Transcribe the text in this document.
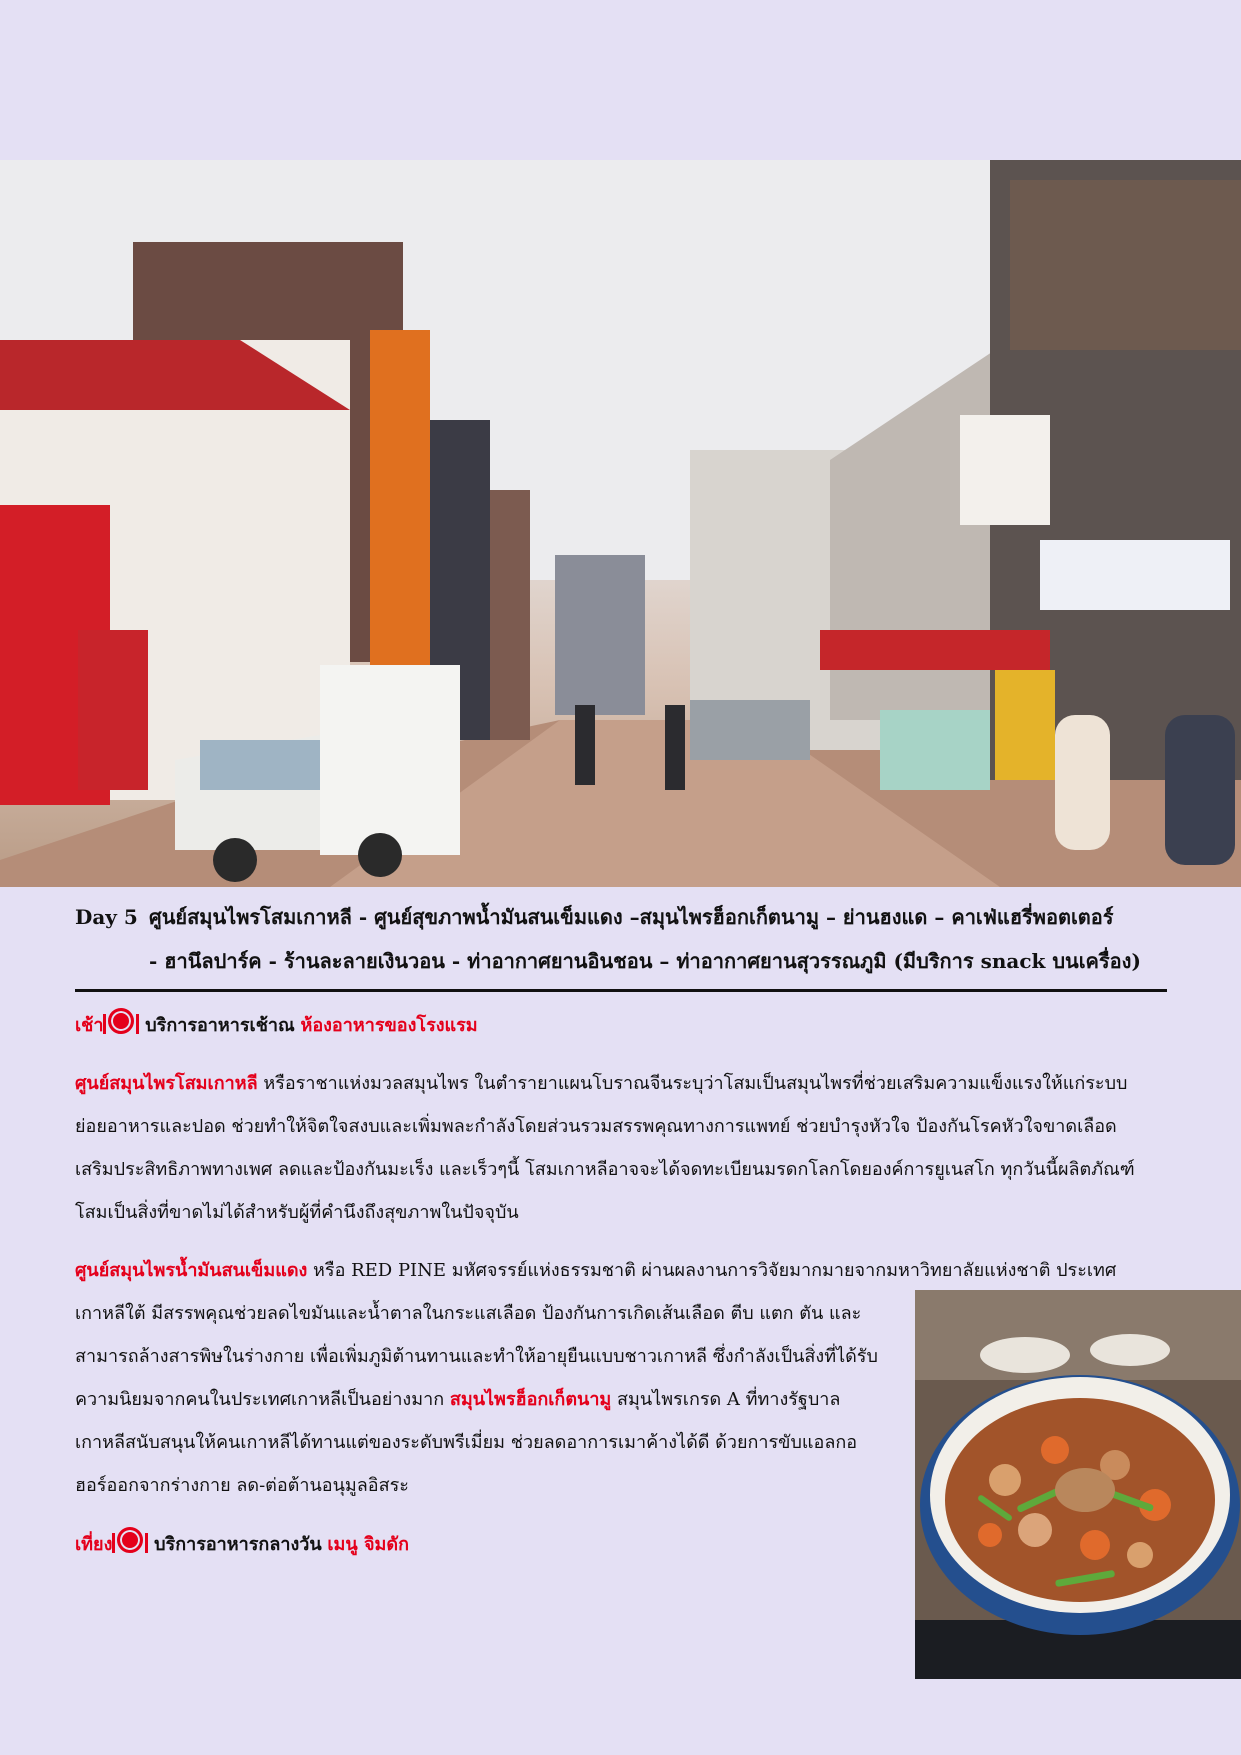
Day 5 ศูนย์สมุนไพรโสมเกาหลี - ศูนย์สุขภาพน้ำมันสนเข็มแดง –สมุนไพรฮ็อกเก็ตนามู – ย่านฮงแด – คาเฟ่แฮรี่พอตเตอร์
- ฮานึลปาร์ค - ร้านละลายเงินวอน - ท่าอากาศยานอินชอน – ท่าอากาศยานสุวรรณภูมิ (มีบริการ snack บนเครื่อง)
เช้า บริการอาหารเช้าณ ห้องอาหารของโรงแรม
ศูนย์สมุนไพรโสมเกาหลี หรือราชาแห่งมวลสมุนไพร ในตำรายาแผนโบราณจีนระบุว่าโสมเป็นสมุนไพรที่ช่วยเสริมความแข็งแรงให้แก่ระบบ
ย่อยอาหารและปอด ช่วยทำให้จิตใจสงบและเพิ่มพละกำลังโดยส่วนรวมสรรพคุณทางการแพทย์ ช่วยบำรุงหัวใจ ป้องกันโรคหัวใจขาดเลือด
เสริมประสิทธิภาพทางเพศ ลดและป้องกันมะเร็ง และเร็วๆนี้ โสมเกาหลีอาจจะได้จดทะเบียนมรดกโลกโดยองค์การยูเนสโก ทุกวันนี้ผลิตภัณฑ์
โสมเป็นสิ่งที่ขาดไม่ได้สำหรับผู้ที่คำนึงถึงสุขภาพในปัจจุบัน
ศูนย์สมุนไพรน้ำมันสนเข็มแดง หรือ RED PINE มหัศจรรย์แห่งธรรมชาติ ผ่านผลงานการวิจัยมากมายจากมหาวิทยาลัยแห่งชาติ ประเทศ
เกาหลีใต้ มีสรรพคุณช่วยลดไขมันและน้ำตาลในกระแสเลือด ป้องกันการเกิดเส้นเลือด ตีบ แตก ตัน และ
สามารถล้างสารพิษในร่างกาย เพื่อเพิ่มภูมิต้านทานและทำให้อายุยืนแบบชาวเกาหลี ซึ่งกำลังเป็นสิ่งที่ได้รับ
ความนิยมจากคนในประเทศเกาหลีเป็นอย่างมาก สมุนไพรฮ็อกเก็ตนามู สมุนไพรเกรด A ที่ทางรัฐบาล
เกาหลีสนับสนุนให้คนเกาหลีได้ทานแต่ของระดับพรีเมี่ยม ช่วยลดอาการเมาค้างได้ดี ด้วยการขับแอลกอ
ฮอร์ออกจากร่างกาย ลด-ต่อต้านอนุมูลอิสระ
เที่ยง บริการอาหารกลางวัน เมนู จิมดัก
